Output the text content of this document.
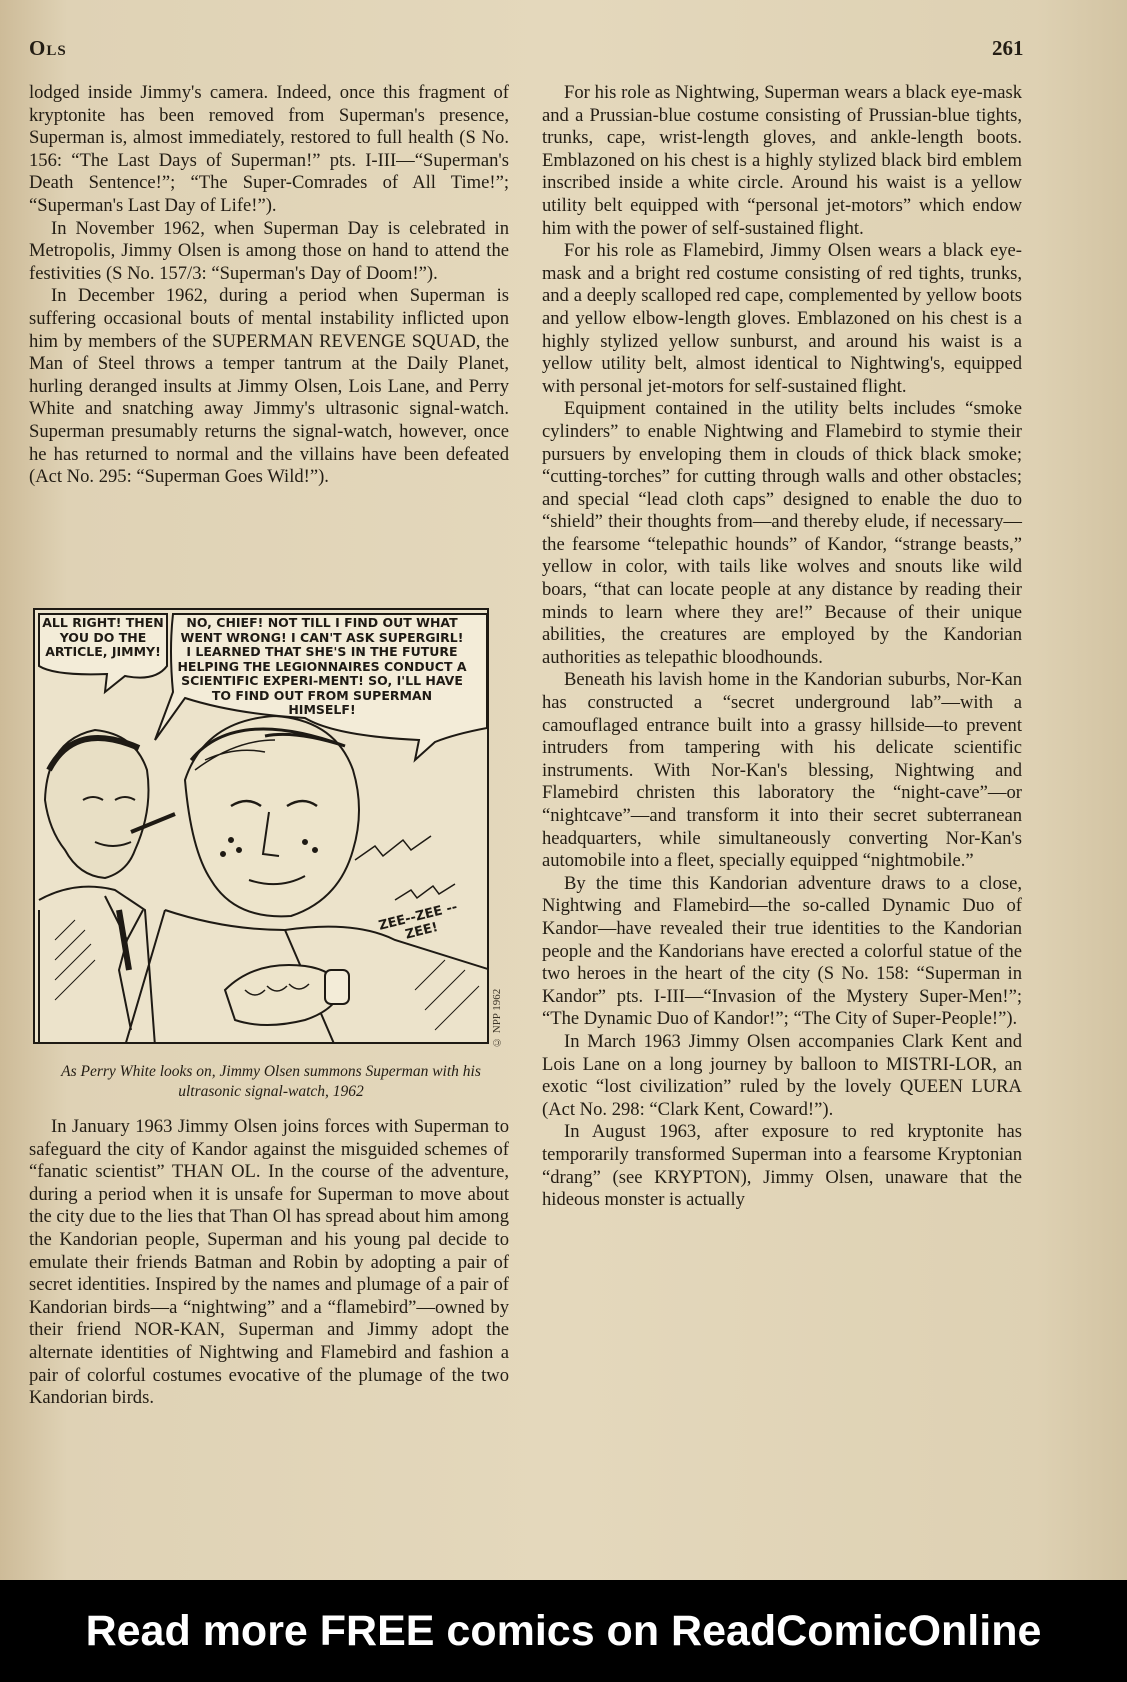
Ols	261

lodged inside Jimmy's camera. Indeed, once this fragment of kryptonite has been removed from Superman's presence, Superman is, almost immediately, restored to full health (S No. 156: “The Last Days of Superman!” pts. I-III—“Superman's Death Sentence!”; “The Super-Comrades of All Time!”; “Superman's Last Day of Life!”).

In November 1962, when Superman Day is celebrated in Metropolis, Jimmy Olsen is among those on hand to attend the festivities (S No. 157/3: “Superman's Day of Doom!”).

In December 1962, during a period when Superman is suffering occasional bouts of mental instability inflicted upon him by members of the SUPERMAN REVENGE SQUAD, the Man of Steel throws a temper tantrum at the Daily Planet, hurling deranged insults at Jimmy Olsen, Lois Lane, and Perry White and snatching away Jimmy's ultrasonic signal-watch. Superman presumably returns the signal-watch, however, once he has returned to normal and the villains have been defeated (Act No. 295: “Superman Goes Wild!”).

ALL RIGHT! THEN YOU DO THE ARTICLE, JIMMY!
NO, CHIEF! NOT TILL I FIND OUT WHAT WENT WRONG! I CAN'T ASK SUPERGIRL! I LEARNED THAT SHE'S IN THE FUTURE HELPING THE LEGIONNAIRES CONDUCT A SCIENTIFIC EXPERI-MENT! SO, I'LL HAVE TO FIND OUT FROM SUPERMAN HIMSELF!
ZEE--ZEE --ZEE!
© NPP 1962
As Perry White looks on, Jimmy Olsen summons Superman with his ultrasonic signal-watch, 1962

In January 1963 Jimmy Olsen joins forces with Superman to safeguard the city of Kandor against the misguided schemes of “fanatic scientist” THAN OL. In the course of the adventure, during a period when it is unsafe for Superman to move about the city due to the lies that Than Ol has spread about him among the Kandorian people, Superman and his young pal decide to emulate their friends Batman and Robin by adopting a pair of secret identities. Inspired by the names and plumage of a pair of Kandorian birds—a “nightwing” and a “flamebird”—owned by their friend NOR-KAN, Superman and Jimmy adopt the alternate identities of Nightwing and Flamebird and fashion a pair of colorful costumes evocative of the plumage of the two Kandorian birds.

For his role as Nightwing, Superman wears a black eye-mask and a Prussian-blue costume consisting of Prussian-blue tights, trunks, cape, wrist-length gloves, and ankle-length boots. Emblazoned on his chest is a highly stylized black bird emblem inscribed inside a white circle. Around his waist is a yellow utility belt equipped with “personal jet-motors” which endow him with the power of self-sustained flight.

For his role as Flamebird, Jimmy Olsen wears a black eye-mask and a bright red costume consisting of red tights, trunks, and a deeply scalloped red cape, complemented by yellow boots and yellow elbow-length gloves. Emblazoned on his chest is a highly stylized yellow sunburst, and around his waist is a yellow utility belt, almost identical to Nightwing's, equipped with personal jet-motors for self-sustained flight.

Equipment contained in the utility belts includes “smoke cylinders” to enable Nightwing and Flamebird to stymie their pursuers by enveloping them in clouds of thick black smoke; “cutting-torches” for cutting through walls and other obstacles; and special “lead cloth caps” designed to enable the duo to “shield” their thoughts from—and thereby elude, if necessary—the fearsome “telepathic hounds” of Kandor, “strange beasts,” yellow in color, with tails like wolves and snouts like wild boars, “that can locate people at any distance by reading their minds to learn where they are!” Because of their unique abilities, the creatures are employed by the Kandorian authorities as telepathic bloodhounds.

Beneath his lavish home in the Kandorian suburbs, Nor-Kan has constructed a “secret underground lab”—with a camouflaged entrance built into a grassy hillside—to prevent intruders from tampering with his delicate scientific instruments. With Nor-Kan's blessing, Nightwing and Flamebird christen this laboratory the “night-cave”—or “nightcave”—and transform it into their secret subterranean headquarters, while simultaneously converting Nor-Kan's automobile into a fleet, specially equipped “nightmobile.”

By the time this Kandorian adventure draws to a close, Nightwing and Flamebird—the so-called Dynamic Duo of Kandor—have revealed their true identities to the Kandorian people and the Kandorians have erected a colorful statue of the two heroes in the heart of the city (S No. 158: “Superman in Kandor” pts. I-III—“Invasion of the Mystery Super-Men!”; “The Dynamic Duo of Kandor!”; “The City of Super-People!”).

In March 1963 Jimmy Olsen accompanies Clark Kent and Lois Lane on a long journey by balloon to MISTRI-LOR, an exotic “lost civilization” ruled by the lovely QUEEN LURA (Act No. 298: “Clark Kent, Coward!”).

In August 1963, after exposure to red kryptonite has temporarily transformed Superman into a fearsome Kryptonian “drang” (see KRYPTON), Jimmy Olsen, unaware that the hideous monster is actually

Read more FREE comics on ReadComicOnline
